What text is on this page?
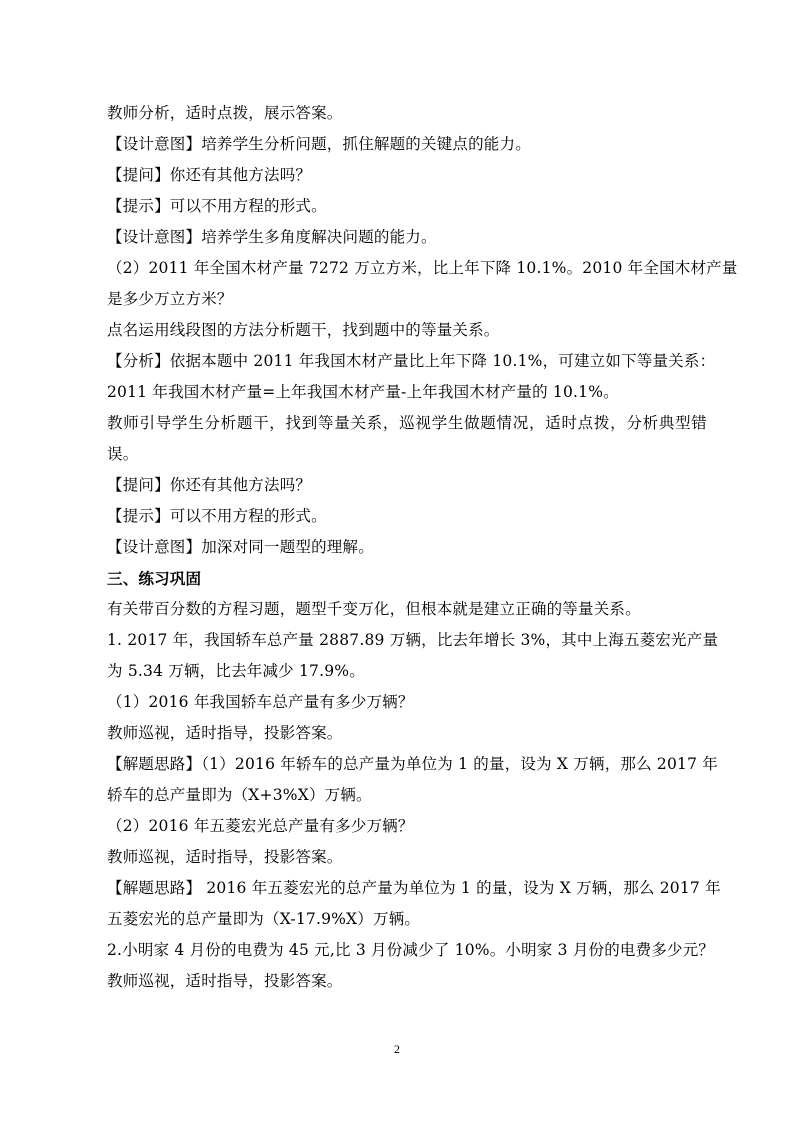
教师分析，适时点拨，展示答案。
【设计意图】培养学生分析问题，抓住解题的关键点的能力。
【提问】你还有其他方法吗？
【提示】可以不用方程的形式。
【设计意图】培养学生多角度解决问题的能力。
（2）2011 年全国木材产量 7272 万立方米，比上年下降 10.1%。2010 年全国木材产量
是多少万立方米？
点名运用线段图的方法分析题干，找到题中的等量关系。
【分析】依据本题中 2011 年我国木材产量比上年下降 10.1%，可建立如下等量关系：
2011 年我国木材产量=上年我国木材产量-上年我国木材产量的 10.1%。
教师引导学生分析题干，找到等量关系，巡视学生做题情况，适时点拨，分析典型错
误。
【提问】你还有其他方法吗？
【提示】可以不用方程的形式。
【设计意图】加深对同一题型的理解。
三、练习巩固
有关带百分数的方程习题，题型千变万化，但根本就是建立正确的等量关系。
1. 2017 年，我国轿车总产量 2887.89 万辆，比去年增长 3%，其中上海五菱宏光产量
为 5.34 万辆，比去年减少 17.9%。
（1）2016 年我国轿车总产量有多少万辆？
教师巡视，适时指导，投影答案。
【解题思路】（1）2016 年轿车的总产量为单位为 1 的量，设为 X 万辆，那么 2017 年
轿车的总产量即为（X+3%X）万辆。
（2）2016 年五菱宏光总产量有多少万辆？
教师巡视，适时指导，投影答案。
【解题思路】 2016 年五菱宏光的总产量为单位为 1 的量，设为 X 万辆，那么 2017 年
五菱宏光的总产量即为（X-17.9%X）万辆。
2.小明家 4 月份的电费为 45 元,比 3 月份减少了 10%。小明家 3 月份的电费多少元？
教师巡视，适时指导，投影答案。
2
